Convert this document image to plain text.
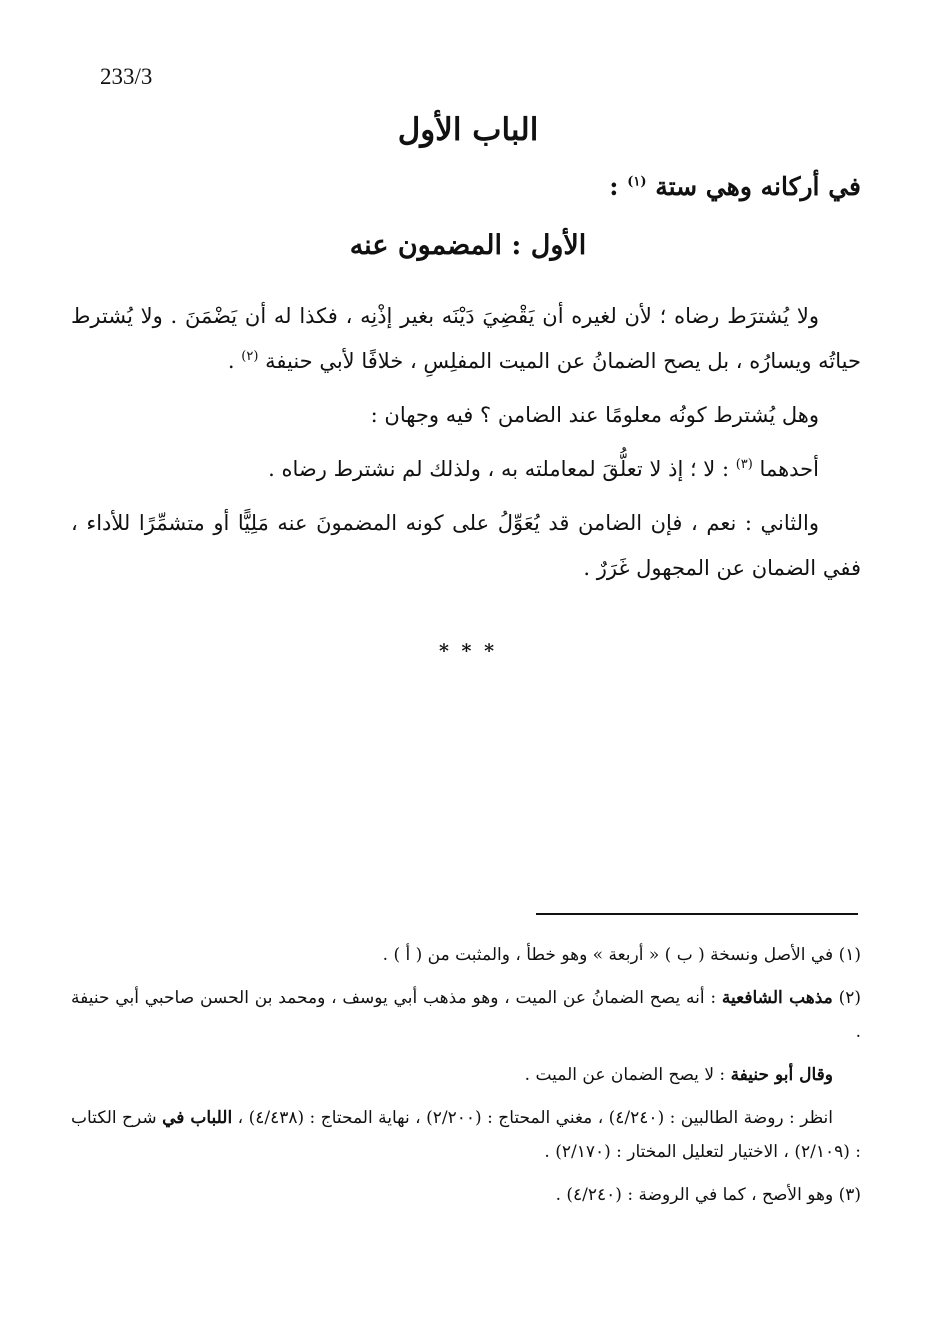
233/3
الباب الأول

في أركانه وهي ستة $^{(١)}$ :

الأول : المضمون عنه

ولا يُشترَط رضاه ؛ لأن لغيره أن يَقْضِيَ دَيْنَه بغير إذْنِه ، فكذا له أن يَضْمَنَ . ولا يُشترط حياتُه ويسارُه ، بل يصح الضمانُ عن الميت المفلِسِ ، خلافًا لأبي حنيفة $^{(٢)}$ .

وهل يُشترط كونُه معلومًا عند الضامن ؟ فيه وجهان :

أحدهما $^{(٣)}$ : لا ؛ إذ لا تعلُّقَ لمعاملته به ، ولذلك لم نشترط رضاه .

والثاني : نعم ، فإن الضامن قد يُعَوِّلُ على كونه المضمونَ عنه مَلِيًّا أو متشمِّرًا للأداء ، ففي الضمان عن المجهول غَرَرٌ .

* * *

(١) في الأصل ونسخة ( ب ) « أربعة » وهو خطأ ، والمثبت من ( أ ) .

(٢) مذهب الشافعية : أنه يصح الضمانُ عن الميت ، وهو مذهب أبي يوسف ، ومحمد بن الحسن صاحبي أبي حنيفة .

وقال أبو حنيفة : لا يصح الضمان عن الميت .

انظر : روضة الطالبين : (٤/٢٤٠) ، مغني المحتاج : (٢/٢٠٠) ، نهاية المحتاج : (٤/٤٣٨) ، اللباب في شرح الكتاب : (٢/١٠٩) ، الاختيار لتعليل المختار : (٢/١٧٠) .

(٣) وهو الأصح ، كما في الروضة : (٤/٢٤٠) .
